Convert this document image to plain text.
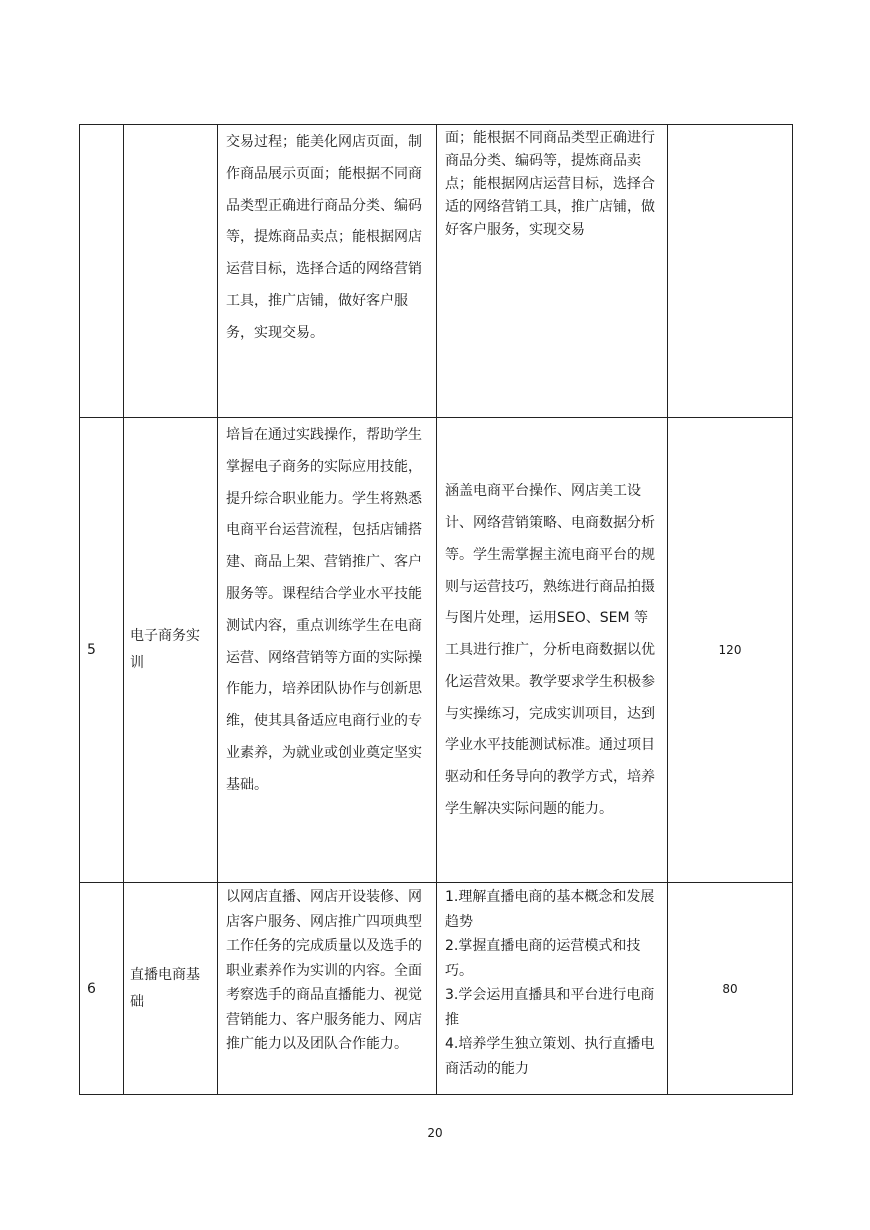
		交易过程；能美化网店页面，制作商品展示页面；能根据不同商品类型正确进行商品分类、编码等，提炼商品卖点；能根据网店运营目标，选择合适的网络营销工具，推广店铺，做好客户服务，实现交易。	面；能根据不同商品类型正确进行商品分类、编码等，提炼商品卖点；能根据网店运营目标，选择合适的网络营销工具，推广店铺，做好客户服务，实现交易	

5	电子商务实训	培旨在通过实践操作，帮助学生掌握电子商务的实际应用技能，提升综合职业能力。学生将熟悉电商平台运营流程，包括店铺搭建、商品上架、营销推广、客户服务等。课程结合学业水平技能测试内容，重点训练学生在电商运营、网络营销等方面的实际操作能力，培养团队协作与创新思维，使其具备适应电商行业的专业素养，为就业或创业奠定坚实基础。	涵盖电商平台操作、网店美工设计、网络营销策略、电商数据分析等。学生需掌握主流电商平台的规则与运营技巧，熟练进行商品拍摄与图片处理，运用SEO、SEM 等工具进行推广，分析电商数据以优化运营效果。教学要求学生积极参与实操练习，完成实训项目，达到学业水平技能测试标准。通过项目驱动和任务导向的教学方式，培养学生解决实际问题的能力。	120
6	直播电商基础	以网店直播、网店开设装修、网店客户服务、网店推广四项典型工作任务的完成质量以及选手的职业素养作为实训的内容。全面考察选手的商品直播能力、视觉营销能力、客户服务能力、网店推广能力以及团队合作能力。	1.理解直播电商的基本概念和发展趋势
2.掌握直播电商的运营模式和技巧。
3.学会运用直播具和平台进行电商推
4.培养学生独立策划、执行直播电商活动的能力	80
20
